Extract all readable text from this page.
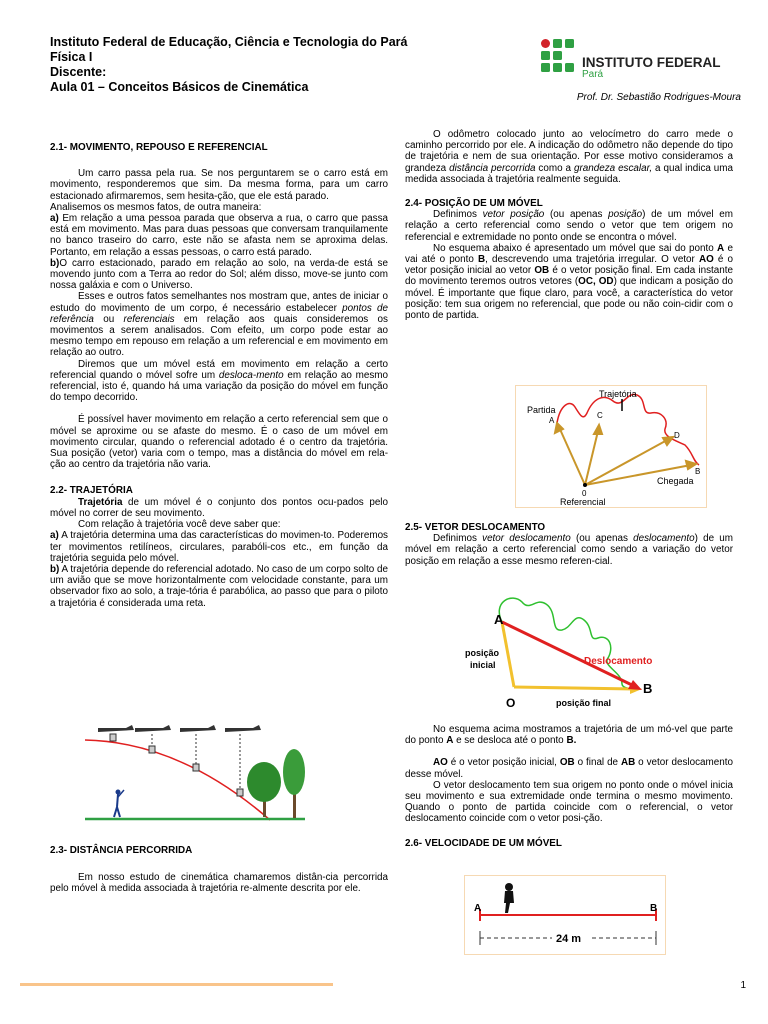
Instituto Federal de Educação, Ciência e Tecnologia do Pará
Física I
Discente:
Aula 01 – Conceitos Básicos de Cinemática
INSTITUTO FEDERAL
Pará
Prof. Dr. Sebastião Rodrigues-Moura

2.1- MOVIMENTO, REPOUSO E REFERENCIAL

Um carro passa pela rua. Se nos perguntarem se o carro está em movimento, responderemos que sim. Da mesma forma, para um carro estacionado afirmaremos, sem hesita-ção, que ele está parado.

Analisemos os mesmos fatos, de outra maneira:

a) Em relação a uma pessoa parada que observa a rua, o carro que passa está em movimento. Mas para duas pessoas que conversam tranquilamente no banco traseiro do carro, este não se afasta nem se aproxima delas. Portanto, em relação a essas pessoas, o carro está parado.

b)O carro estacionado, parado em relação ao solo, na verda-de está se movendo junto com a Terra ao redor do Sol; além disso, move-se junto com nossa galáxia e com o Universo.

Esses e outros fatos semelhantes nos mostram que, antes de iniciar o estudo do movimento de um corpo, é necessário estabelecer pontos de referência ou referenciais em relação aos quais consideremos os movimentos a serem analisados. Com efeito, um corpo pode estar ao mesmo tempo em repouso em relação a um referencial e em movimento em relação ao outro.

Diremos que um móvel está em movimento em relação a certo referencial quando o móvel sofre um desloca-mento em relação ao mesmo referencial, isto é, quando há uma variação da posição do móvel em função do tempo decorrido.

É possível haver movimento em relação a certo referencial sem que o móvel se aproxime ou se afaste do mesmo. É o caso de um móvel em movimento circular, quando o referencial adotado é o centro da trajetória. Sua posição (vetor) varia com o tempo, mas a distância do móvel em rela-ção ao centro da trajetória não varia.

2.2- TRAJETÓRIA

Trajetória de um móvel é o conjunto dos pontos ocu-pados pelo móvel no correr de seu movimento.

Com relação à trajetória você deve saber que:

a) A trajetória determina uma das características do movimen-to. Poderemos ter movimentos retilíneos, circulares, parabóli-cos etc., em função da trajetória seguida pelo móvel.

b) A trajetória depende do referencial adotado. No caso de um corpo solto de um avião que se move horizontalmente com velocidade constante, para um observador fixo ao solo, a traje-tória é parabólica, ao passo que para o piloto a trajetória é considerada uma reta.

2.3- DISTÂNCIA PERCORRIDA

Em nosso estudo de cinemática chamaremos distân-cia percorrida pelo móvel à medida associada à trajetória re-almente descrita por ele.

O odômetro colocado junto ao velocímetro do carro mede o caminho percorrido por ele. A indicação do odômetro não depende do tipo de trajetória e nem de sua orientação. Por esse motivo consideramos a grandeza distância percorrida como a grandeza escalar, a qual indica uma medida associada à trajetória realmente seguida.

2.4- POSIÇÃO DE UM MÓVEL

Definimos vetor posição (ou apenas posição) de um móvel em relação a certo referencial como sendo o vetor que tem origem no referencial e extremidade no ponto onde se encontra o móvel.

No esquema abaixo é apresentado um móvel que sai do ponto A e vai até o ponto B, descrevendo uma trajetória irregular. O vetor AO é o vetor posição inicial ao vetor OB é o vetor posição final. Em cada instante do movimento teremos outros vetores (OC, OD) que indicam a posição do móvel. É importante que fique claro, para você, a característica do vetor posição: tem sua origem no referencial, que pode ou não coin-cidir com o ponto de partida.

Trajetória
Partida
A
C
D
B
Chegada
0
Referencial

2.5- VETOR DESLOCAMENTO

Definimos vetor deslocamento (ou apenas deslocamento) de um móvel em relação a certo referencial como sendo a variação do vetor posição em relação a esse mesmo referen-cial.

A
B
O
posição
inicial	Deslocamento
posição final

No esquema acima mostramos a trajetória de um mó-vel que parte do ponto A e se desloca até o ponto B.

AO é o vetor posição inicial, OB o final de AB o vetor deslocamento desse móvel.

O vetor deslocamento tem sua origem no ponto onde o móvel inicia seu movimento e sua extremidade onde termina o mesmo movimento. Quando o ponto de partida coincide com o referencial, o vetor deslocamento coincide com o vetor posi-ção.

2.6- VELOCIDADE DE UM MÓVEL

A	B
24 m
1
